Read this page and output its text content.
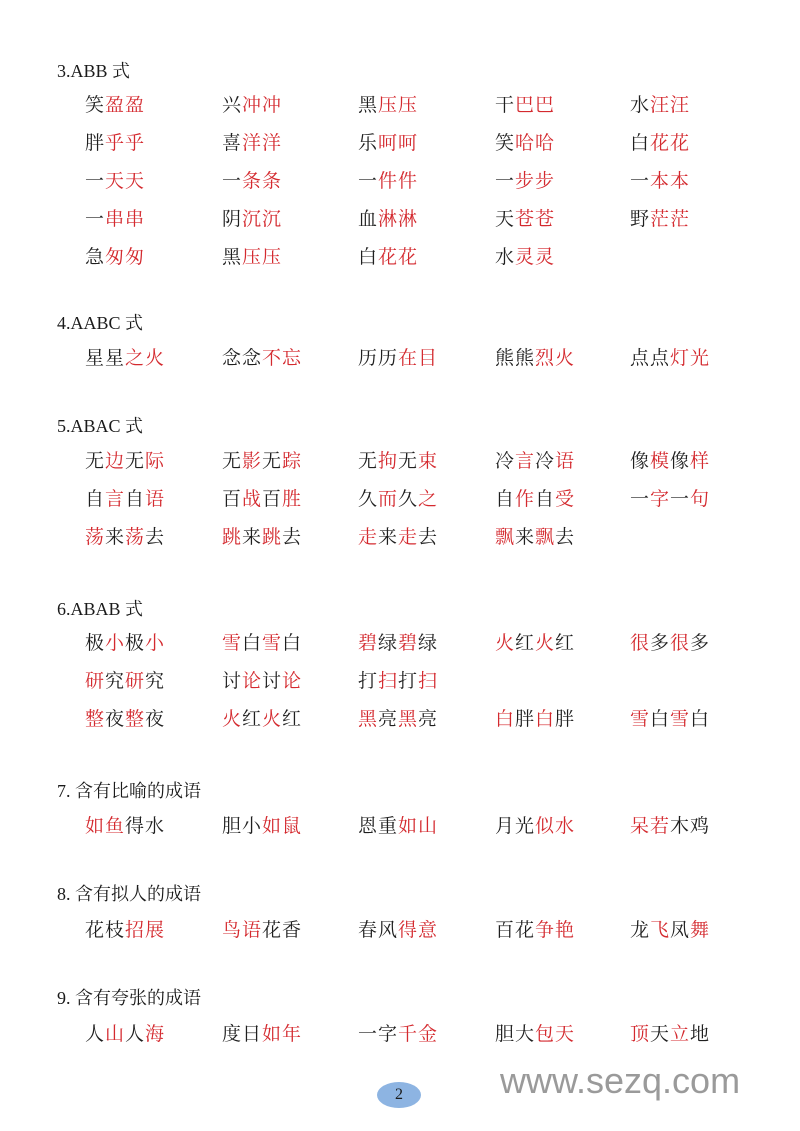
3.ABB 式
笑盈盈	兴冲冲	黑压压	干巴巴	水汪汪
胖乎乎	喜洋洋	乐呵呵	笑哈哈	白花花
一天天	一条条	一件件	一步步	一本本
一串串	阴沉沉	血淋淋	天苍苍	野茫茫
急匆匆	黑压压	白花花	水灵灵
4.AABC 式
星星之火	念念不忘	历历在目	熊熊烈火	点点灯光
5.ABAC 式
无边无际	无影无踪	无拘无束	冷言冷语	像模像样
自言自语	百战百胜	久而久之	自作自受	一字一句
荡来荡去	跳来跳去	走来走去	飘来飘去
6.ABAB 式
极小极小	雪白雪白	碧绿碧绿	火红火红	很多很多
研究研究	讨论讨论	打扫打扫
整夜整夜	火红火红	黑亮黑亮	白胖白胖	雪白雪白
7. 含有比喻的成语
如鱼得水	胆小如鼠	恩重如山	月光似水	呆若木鸡
8. 含有拟人的成语
花枝招展	鸟语花香	春风得意	百花争艳	龙飞凤舞
9. 含有夸张的成语
人山人海	度日如年	一字千金	胆大包天	顶天立地
2	www.sezq.com
